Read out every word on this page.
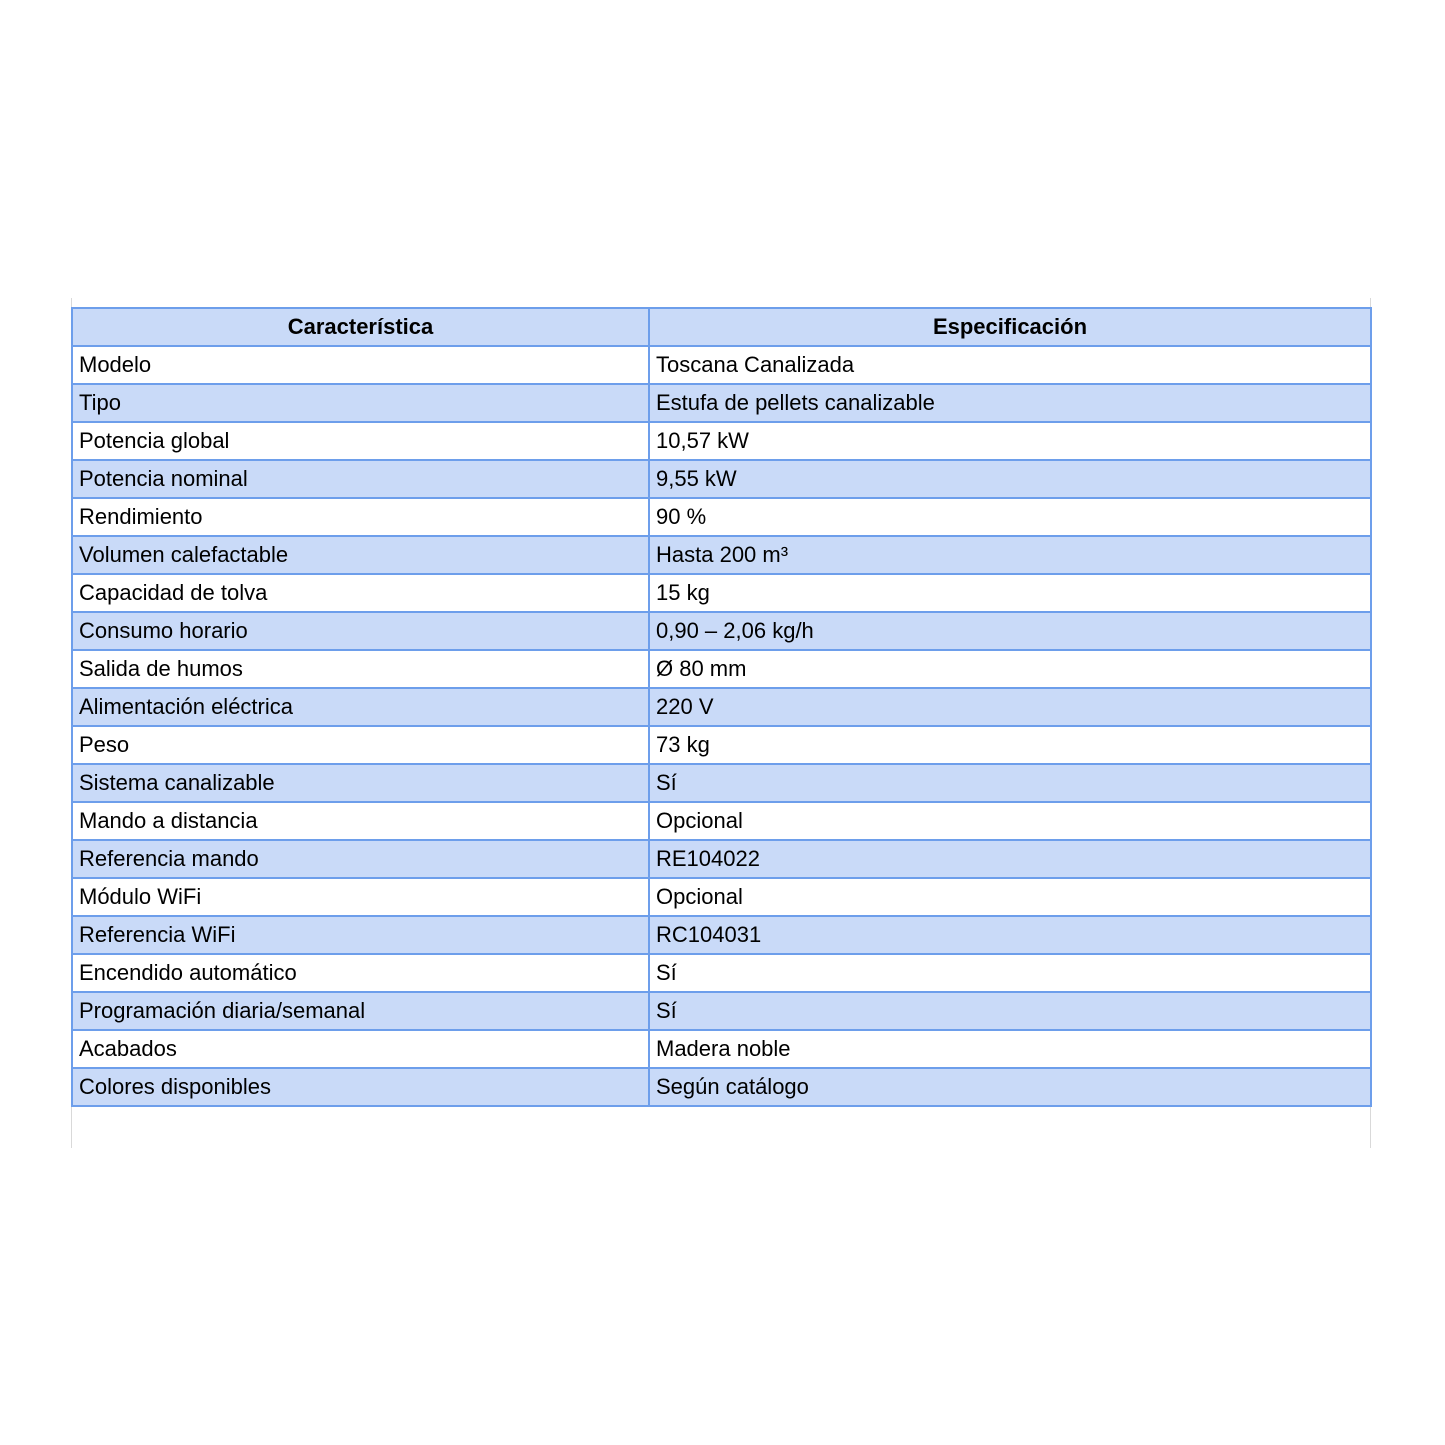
Característica	Especificación
Modelo	Toscana Canalizada
Tipo	Estufa de pellets canalizable
Potencia global	10,57 kW
Potencia nominal	9,55 kW
Rendimiento	90 %
Volumen calefactable	Hasta 200 m³
Capacidad de tolva	15 kg
Consumo horario	0,90 – 2,06 kg/h
Salida de humos	Ø 80 mm
Alimentación eléctrica	220 V
Peso	73 kg
Sistema canalizable	Sí
Mando a distancia	Opcional
Referencia mando	RE104022
Módulo WiFi	Opcional
Referencia WiFi	RC104031
Encendido automático	Sí
Programación diaria/semanal	Sí
Acabados	Madera noble
Colores disponibles	Según catálogo
